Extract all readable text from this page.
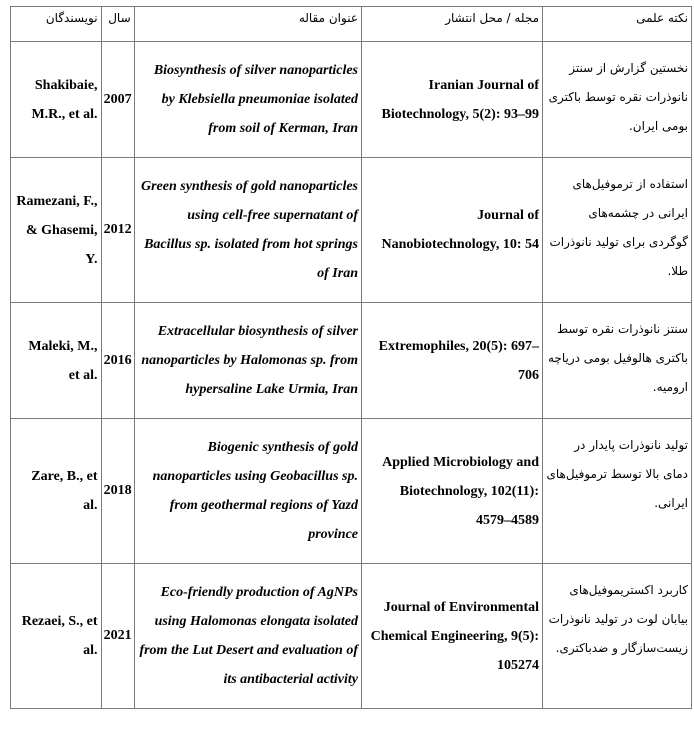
نکته علمی	مجله / محل انتشار	عنوان مقاله	سال	نویسندگان
نخستین گزارش از سنتز نانوذرات نقره توسط باکتری بومی ایران.	Iranian Journal of Biotechnology, 5(2): 93–99	Biosynthesis of silver nanoparticles by Klebsiella pneumoniae isolated from soil of Kerman, Iran	2007	Shakibaie, M.R., et al.
استفاده از ترموفیل‌های ایرانی در چشمه‌های گوگردی برای تولید نانوذرات طلا.	Journal of Nanobiotechnology, 10: 54	Green synthesis of gold nanoparticles using cell-free supernatant of Bacillus sp. isolated from hot springs of Iran	2012	Ramezani, F., & Ghasemi, Y.
سنتز نانوذرات نقره توسط باکتری هالوفیل بومی دریاچه ارومیه.	Extremophiles, 20(5): 697–706	Extracellular biosynthesis of silver nanoparticles by Halomonas sp. from hypersaline Lake Urmia, Iran	2016	Maleki, M., et al.
تولید نانوذرات پایدار در دمای بالا توسط ترموفیل‌های ایرانی.	Applied Microbiology and Biotechnology, 102(11): 4579–4589	Biogenic synthesis of gold nanoparticles using Geobacillus sp. from geothermal regions of Yazd province	2018	Zare, B., et al.
کاربرد اکستریموفیل‌های بیابان لوت در تولید نانوذرات زیست‌سازگار و ضدباکتری.	Journal of Environmental Chemical Engineering, 9(5): 105274	Eco-friendly production of AgNPs using Halomonas elongata isolated from the Lut Desert and evaluation of its antibacterial activity	2021	Rezaei, S., et al.
